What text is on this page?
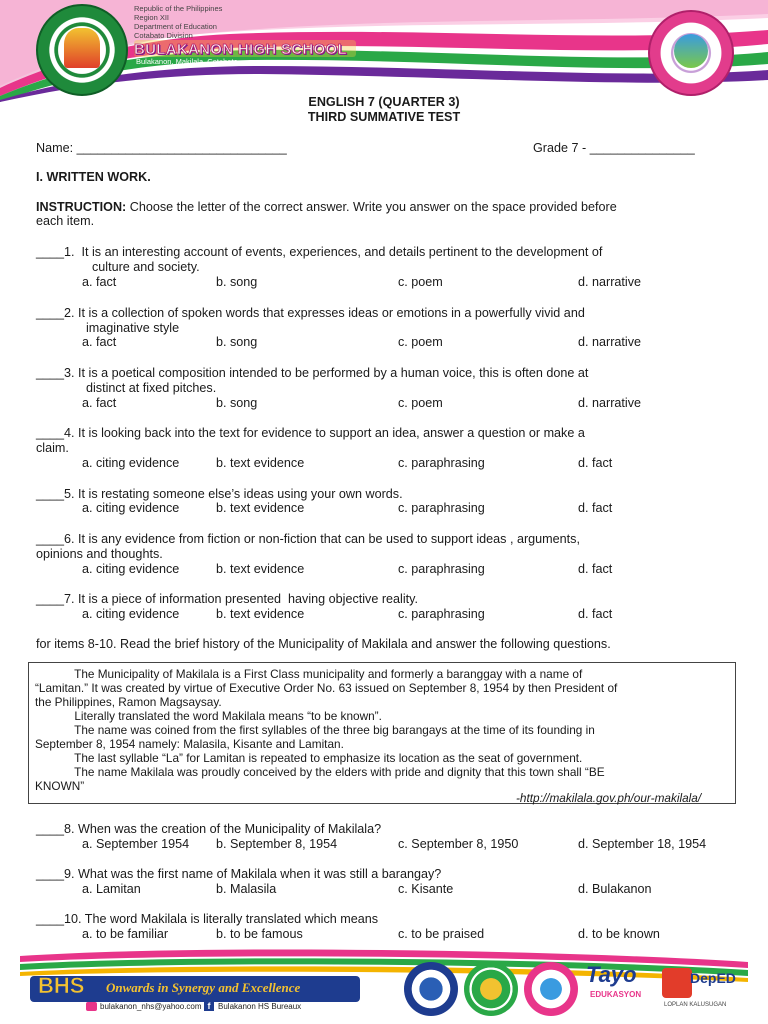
Republic of the Philippines
Region XII
Department of Education
Cotabato Division
BULAKANON HIGH SCHOOL
Bulakanon, Makilala, Cotabato
ENGLISH 7 (QUARTER 3)
THIRD SUMMATIVE TEST
Name: ______________________________	Grade 7 - _______________
I. WRITTEN WORK.
INSTRUCTION: Choose the letter of the correct answer. Write you answer on the space provided before
each item.
____1.  It is an interesting account of events, experiences, and details pertinent to the development of
culture and society.
a. fact	b. song	c. poem	d. narrative
____2. It is a collection of spoken words that expresses ideas or emotions in a powerfully vivid and
imaginative style
a. fact	b. song	c. poem	d. narrative
____3. It is a poetical composition intended to be performed by a human voice, this is often done at
distinct at fixed pitches.
a. fact	b. song	c. poem	d. narrative
____4. It is looking back into the text for evidence to support an idea, answer a question or make a
claim.
a. citing evidence	b. text evidence	c. paraphrasing	d. fact
____5. It is restating someone else’s ideas using your own words.
a. citing evidence	b. text evidence	c. paraphrasing	d. fact
____6. It is any evidence from fiction or non-fiction that can be used to support ideas , arguments,
opinions and thoughts.
a. citing evidence	b. text evidence	c. paraphrasing	d. fact
____7. It is a piece of information presented  having objective reality.
a. citing evidence	b. text evidence	c. paraphrasing	d. fact
for items 8-10. Read the brief history of the Municipality of Makilala and answer the following questions.
The Municipality of Makilala is a First Class municipality and formerly a baranggay with a name of
“Lamitan.” It was created by virtue of Executive Order No. 63 issued on September 8, 1954 by then President of
the Philippines, Ramon Magsaysay.
Literally translated the word Makilala means “to be known”.
The name was coined from the first syllables of the three big barangays at the time of its founding in
September 8, 1954 namely: Malasila, Kisante and Lamitan.
The last syllable “La” for Lamitan is repeated to emphasize its location as the seat of government.
The name Makilala was proudly conceived by the elders with pride and dignity that this town shall “BE
KNOWN”
-http://makilala.gov.ph/our-makilala/
____8. When was the creation of the Municipality of Makilala?
a. September 1954 b. September 8, 1954	c. September 8, 1950	d. September 18, 1954
____9. What was the first name of Makilala when it was still a barangay?
a. Lamitan	b. Malasila	c. Kisante	d. Bulakanon
____10. The word Makilala is literally translated which means
a. to be familiar	b. to be famous	c. to be praised	d. to be known
BHS Onwards in Synergy and Excellence
bulakanon_nhs@yahoo.com f Bulakanon HS Bureaux
Tayo
EDUKASYON
DepED
LOPLAN KALUSUGAN
